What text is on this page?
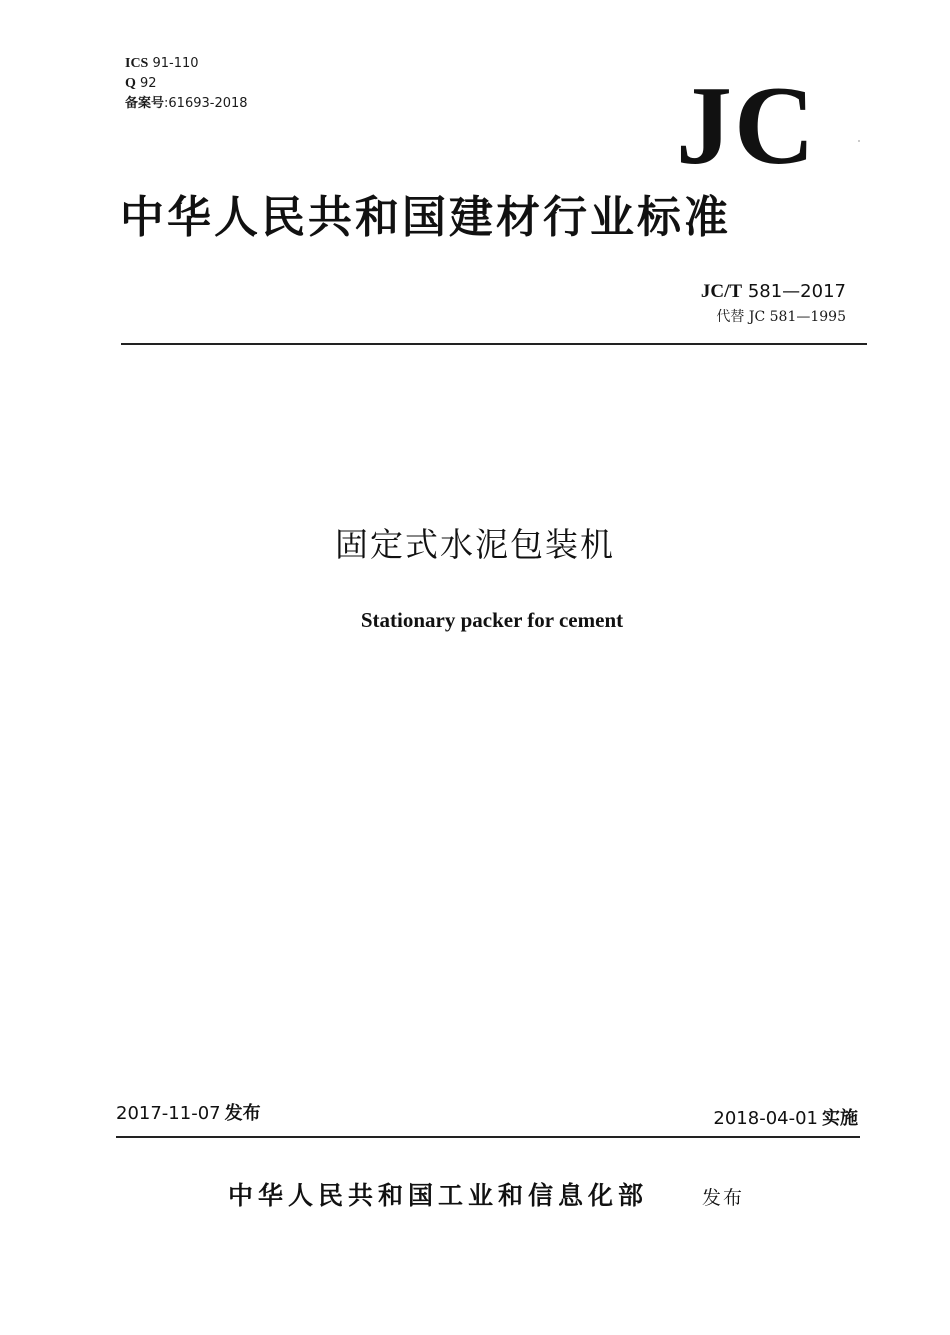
ICS 91-110
Q 92
备案号:61693-2018	JC
中华人民共和国建材行业标准
JC/T 581—2017
代替 JC 581—1995
固定式水泥包装机
Stationary packer for cement
2017-11-07 发布	2018-04-01 实施
中华人民共和国工业和信息化部	发布
